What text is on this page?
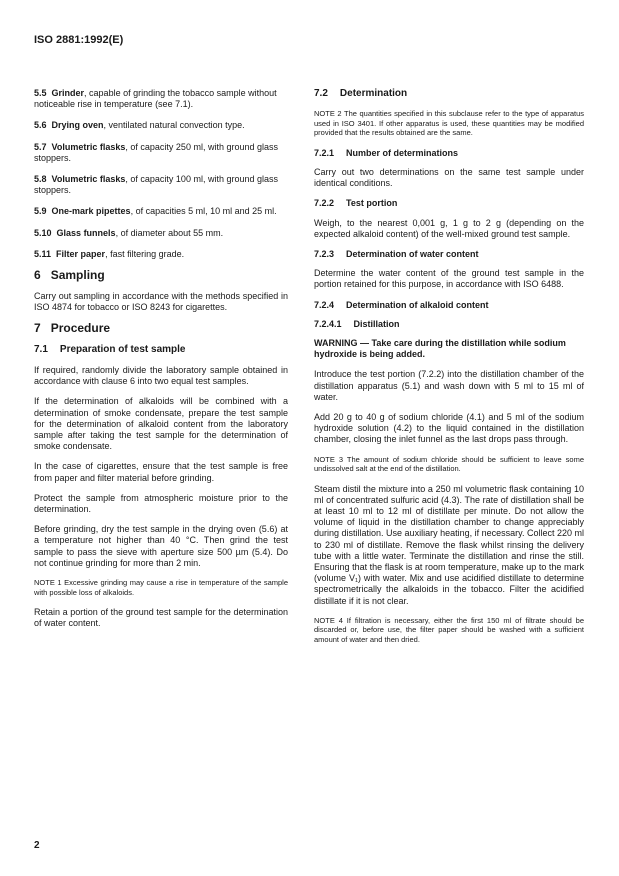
ISO 2881:1992(E)
5.5 Grinder, capable of grinding the tobacco sample without noticeable rise in temperature (see 7.1).
5.6 Drying oven, ventilated natural convection type.
5.7 Volumetric flasks, of capacity 250 ml, with ground glass stoppers.
5.8 Volumetric flasks, of capacity 100 ml, with ground glass stoppers.
5.9 One-mark pipettes, of capacities 5 ml, 10 ml and 25 ml.
5.10 Glass funnels, of diameter about 55 mm.
5.11 Filter paper, fast filtering grade.
6 Sampling

Carry out sampling in accordance with the methods specified in ISO 4874 for tobacco or ISO 8243 for cigarettes.

7 Procedure
7.1 Preparation of test sample

If required, randomly divide the laboratory sample obtained in accordance with clause 6 into two equal test samples.

If the determination of alkaloids will be combined with a determination of smoke condensate, prepare the test sample for the determination of alkaloid content from the laboratory sample after taking the test sample for the determination of smoke condensate.

In the case of cigarettes, ensure that the test sample is free from paper and filter material before grinding.

Protect the sample from atmospheric moisture prior to the determination.

Before grinding, dry the test sample in the drying oven (5.6) at a temperature not higher than 40 °C. Then grind the test sample to pass the sieve with aperture size 500 µm (5.4). Do not continue grinding for more than 2 min.

NOTE 1 Excessive grinding may cause a rise in temperature of the sample with possible loss of alkaloids.

Retain a portion of the ground test sample for the determination of water content.

7.2 Determination

NOTE 2 The quantities specified in this subclause refer to the type of apparatus used in ISO 3401. If other apparatus is used, these quantities may be modified provided that the results obtained are the same.

7.2.1 Number of determinations

Carry out two determinations on the same test sample under identical conditions.

7.2.2 Test portion

Weigh, to the nearest 0,001 g, 1 g to 2 g (depending on the expected alkaloid content) of the well-mixed ground test sample.

7.2.3 Determination of water content

Determine the water content of the ground test sample in the portion retained for this purpose, in accordance with ISO 6488.

7.2.4 Determination of alkaloid content
7.2.4.1 Distillation

WARNING — Take care during the distillation while sodium hydroxide is being added.

Introduce the test portion (7.2.2) into the distillation chamber of the distillation apparatus (5.1) and wash down with 5 ml to 15 ml of water.

Add 20 g to 40 g of sodium chloride (4.1) and 5 ml of the sodium hydroxide solution (4.2) to the liquid contained in the distillation chamber, closing the inlet funnel as the last drops pass through.

NOTE 3 The amount of sodium chloride should be sufficient to leave some undissolved salt at the end of the distillation.

Steam distil the mixture into a 250 ml volumetric flask containing 10 ml of concentrated sulfuric acid (4.3). The rate of distillation shall be at least 10 ml to 12 ml of distillate per minute. Do not allow the volume of liquid in the distillation chamber to change appreciably during distillation. Use auxiliary heating, if necessary. Collect 220 ml to 230 ml of distillate. Remove the flask whilst rinsing the delivery tube with a little water. Terminate the distillation and rinse the still. Ensuring that the flask is at room temperature, make up to the mark (volume V₁) with water. Mix and use acidified distillate to determine spectrometrically the alkaloids in the tobacco. Filter the acidified distillate if it is not clear.

NOTE 4 If filtration is necessary, either the first 150 ml of filtrate should be discarded or, before use, the filter paper should be washed with a sufficient amount of water and then dried.

2
